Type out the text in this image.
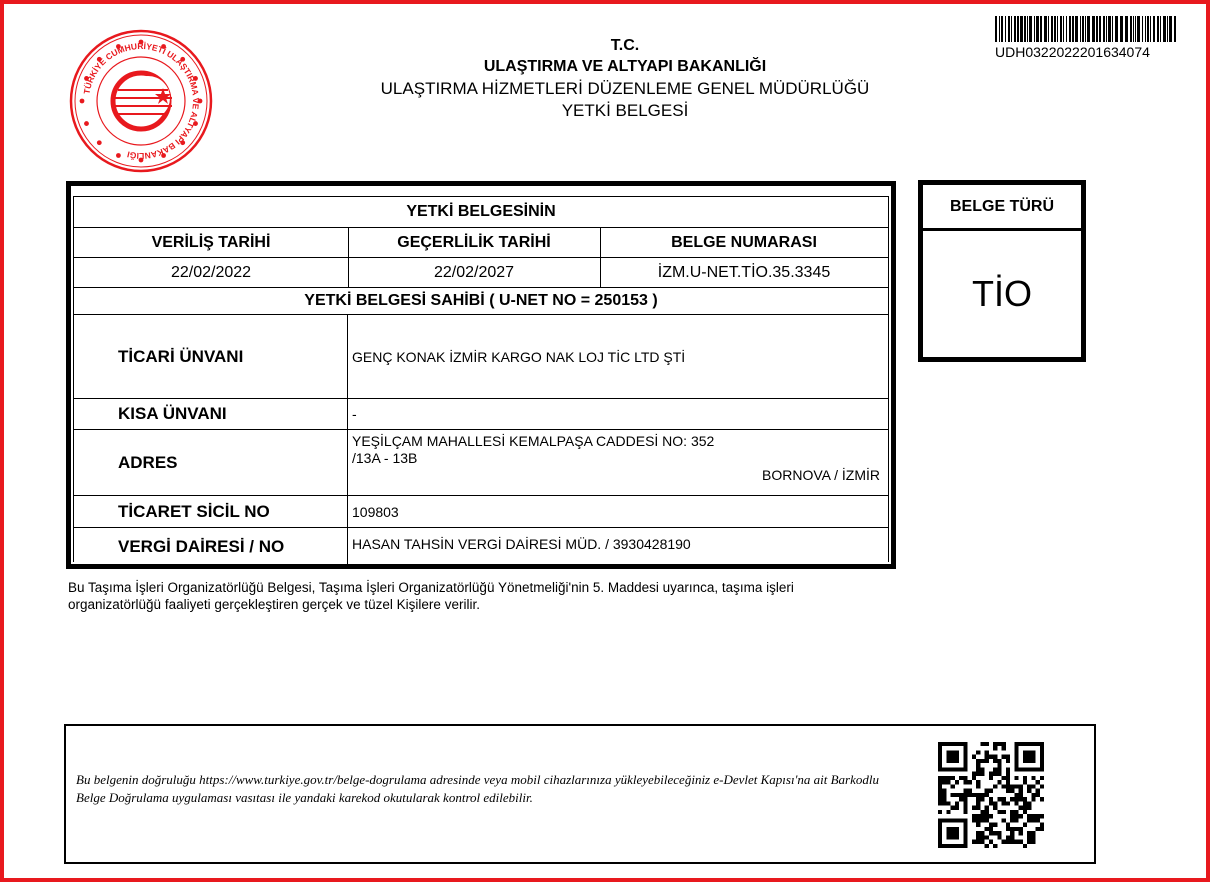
TÜRKİYE CUMHURİYETİ ULAŞTIRMA VE ALTYAPI BAKANLIĞI
T.C.
ULAŞTIRMA VE ALTYAPI BAKANLIĞI
ULAŞTIRMA HİZMETLERİ DÜZENLEME GENEL MÜDÜRLÜĞÜ
YETKİ BELGESİ
UDH0322022201634074
YETKİ BELGESİNİN
VERİLİŞ TARİHİ	GEÇERLİLİK TARİHİ	BELGE NUMARASI
22/02/2022	22/02/2027	İZM.U-NET.TİO.35.3345
YETKİ BELGESİ SAHİBİ ( U-NET NO = 250153 )
TİCARİ ÜNVANI	GENÇ KONAK İZMİR KARGO NAK LOJ TİC LTD ŞTİ
KISA ÜNVANI	-
ADRES
YEŞİLÇAM MAHALLESİ KEMALPAŞA CADDESİ NO: 352
/13A - 13B
BORNOVA / İZMİR
TİCARET SİCİL NO	109803
VERGİ DAİRESİ / NO	HASAN TAHSİN VERGİ DAİRESİ MÜD. / 3930428190
BELGE TÜRÜ
TİO
Bu Taşıma İşleri Organizatörlüğü Belgesi, Taşıma İşleri Organizatörlüğü Yönetmeliği'nin 5. Maddesi uyarınca, taşıma işleri organizatörlüğü faaliyeti gerçekleştiren gerçek ve tüzel Kişilere verilir.
Bu belgenin doğruluğu https://www.turkiye.gov.tr/belge-dogrulama adresinde veya mobil cihazlarınıza yükleyebileceğiniz e-Devlet Kapısı'na ait Barkodlu Belge Doğrulama uygulaması vasıtası ile yandaki karekod okutularak kontrol edilebilir.
